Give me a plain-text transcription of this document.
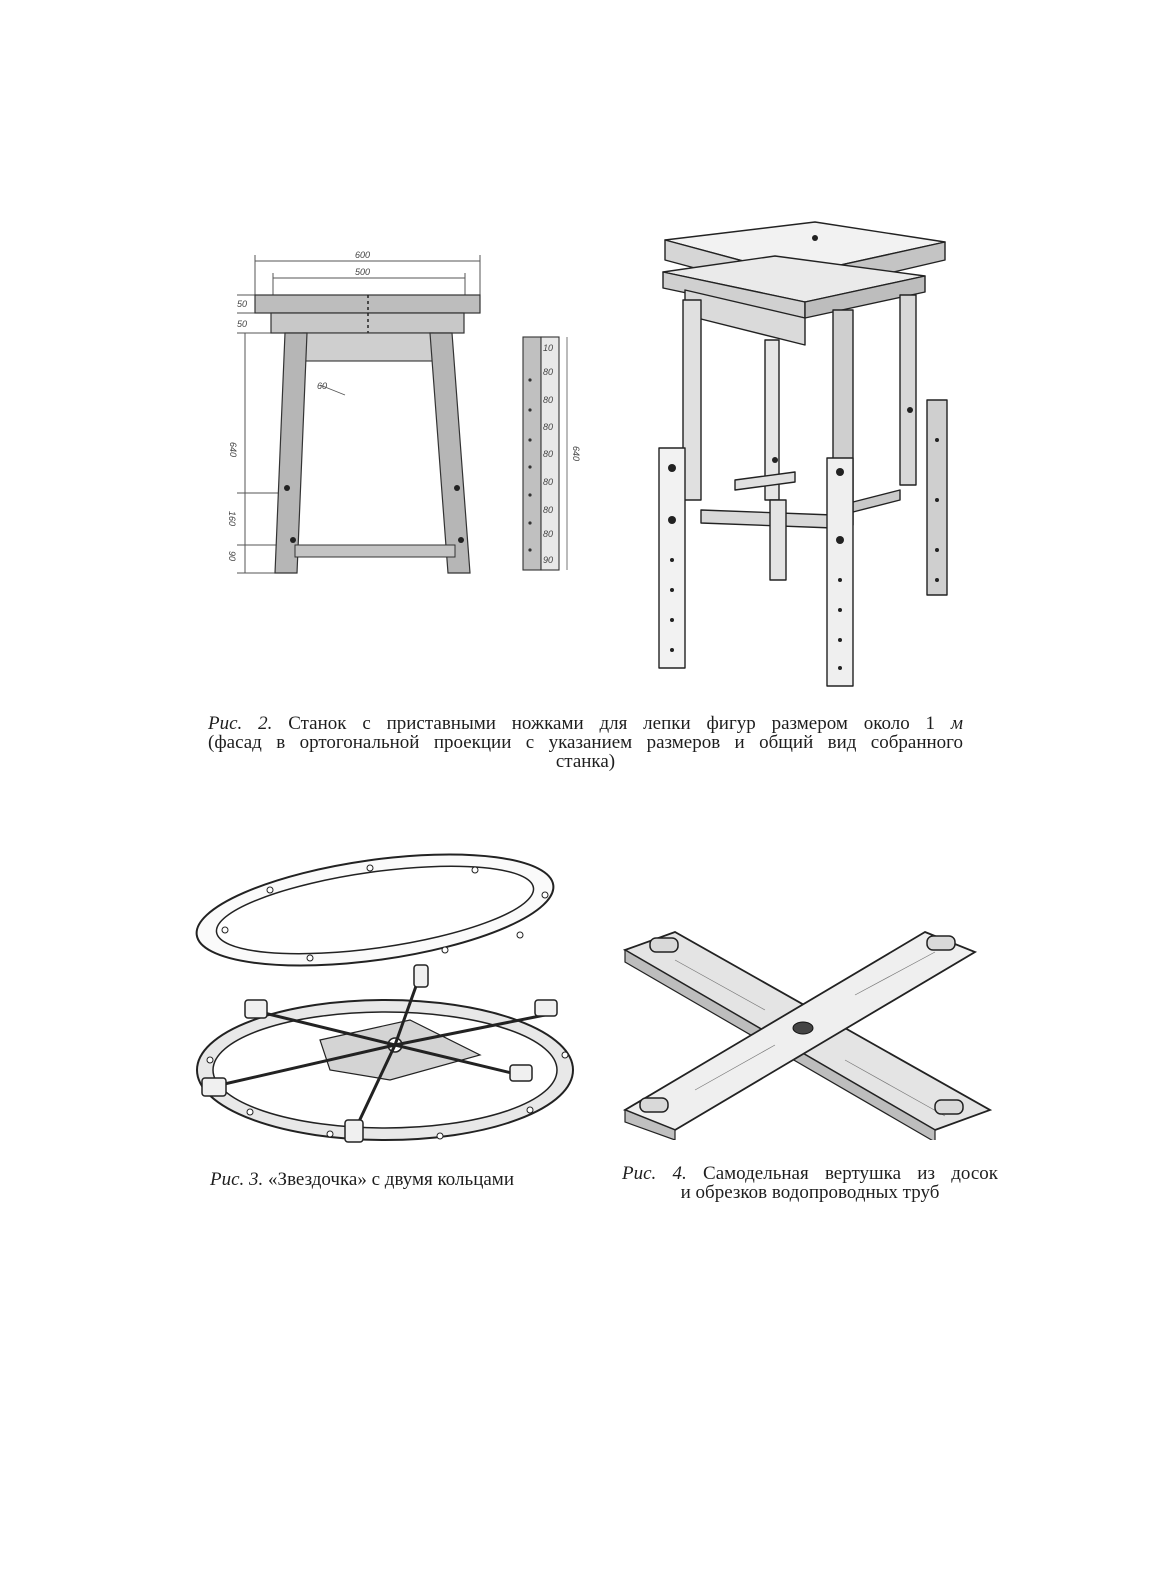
600
500
50
50
60
640
160
90
10
80
80
80
80
80
80
80
90
640
Рис. 2. Станок с приставными ножками для лепки фигур размером около 1 м
(фасад в ортогональной проекции с указанием размеров и общий вид собранного
станка)
Рис. 3. «Звездочка» с двумя кольцами	Рис. 4. Самодельная вертушка из досок
и обрезков водопроводных труб
